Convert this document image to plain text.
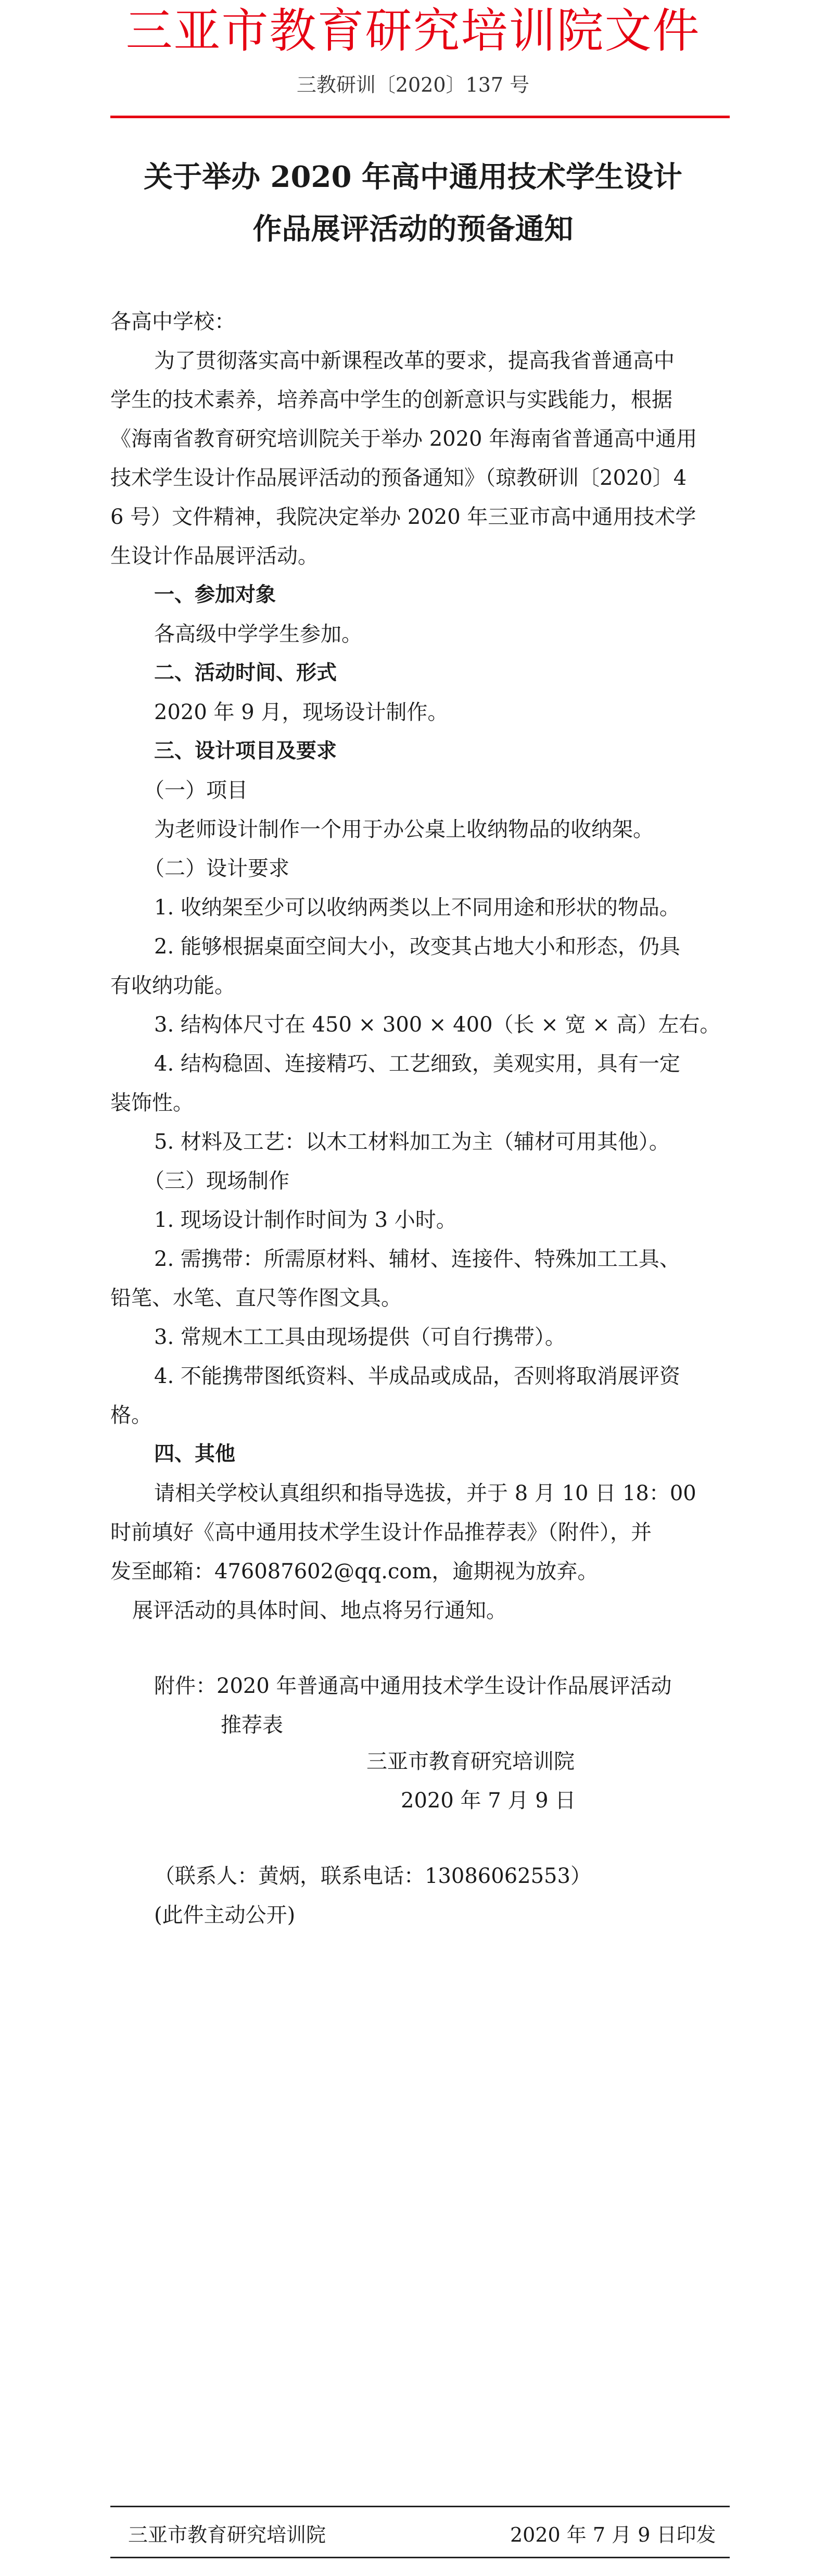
三亚市教育研究培训院文件
三教研训〔2020〕137 号
关于举办 2020 年高中通用技术学生设计
作品展评活动的预备通知
各高中学校：
为了贯彻落实高中新课程改革的要求，提高我省普通高中
学生的技术素养，培养高中学生的创新意识与实践能力，根据
《海南省教育研究培训院关于举办 2020 年海南省普通高中通用
技术学生设计作品展评活动的预备通知》（琼教研训〔2020〕4
6 号）文件精神，我院决定举办 2020 年三亚市高中通用技术学
生设计作品展评活动。
一、参加对象
各高级中学学生参加。
二、活动时间、形式
2020 年 9 月，现场设计制作。
三、设计项目及要求
（一）项目
为老师设计制作一个用于办公桌上收纳物品的收纳架。
（二）设计要求
1. 收纳架至少可以收纳两类以上不同用途和形状的物品。
2. 能够根据桌面空间大小，改变其占地大小和形态，仍具
有收纳功能。
3. 结构体尺寸在 450 × 300 × 400（长 × 宽 × 高）左右。
4. 结构稳固、连接精巧、工艺细致，美观实用，具有一定
装饰性。
5. 材料及工艺：以木工材料加工为主（辅材可用其他）。
（三）现场制作
1. 现场设计制作时间为 3 小时。
2. 需携带：所需原材料、辅材、连接件、特殊加工工具、
铅笔、水笔、直尺等作图文具。
3. 常规木工工具由现场提供（可自行携带）。
4. 不能携带图纸资料、半成品或成品，否则将取消展评资
格。
四、其他
请相关学校认真组织和指导选拔，并于 8 月 10 日 18：00
时前填好《高中通用技术学生设计作品推荐表》（附件），并
发至邮箱：476087602@qq.com，逾期视为放弃。
展评活动的具体时间、地点将另行通知。
附件：2020 年普通高中通用技术学生设计作品展评活动
推荐表
三亚市教育研究培训院
2020 年 7 月 9 日
（联系人：黄炳，联系电话：13086062553）
(此件主动公开)
三亚市教育研究培训院	2020 年 7 月 9 日印发
